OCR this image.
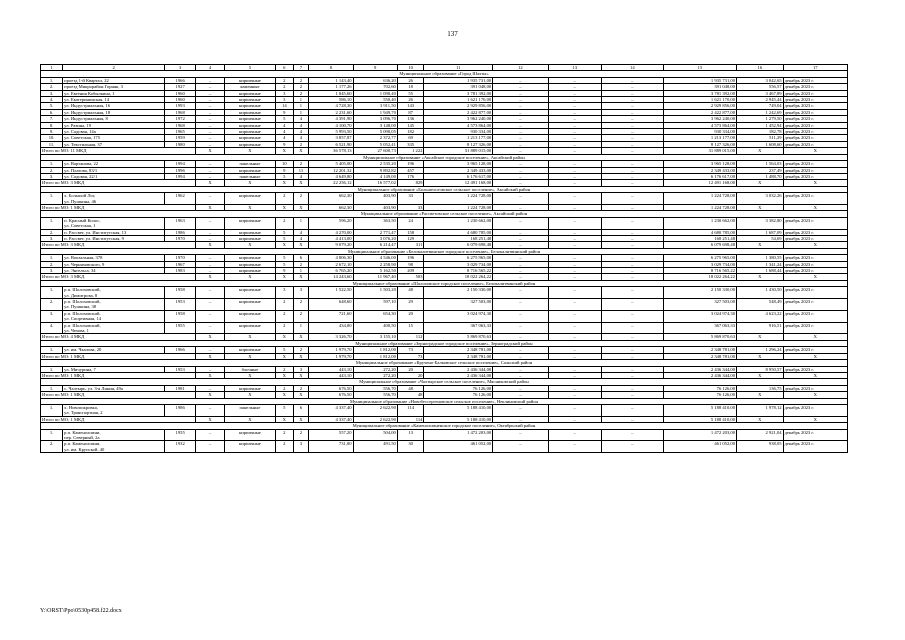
137
1	2	3	4	5	6	7	8	9	10	11	12	13	14	15	16	17
Муниципальное образование «Город Шахты»																
1.	проезд 1-й Квартал, 22	1966	–	кирпичные	2	2	1 143,40	636,20	26	1 935 731,00	–	–	–	1 935 731,00	3 042,65	декабрь 2023 г.
2.	проезд Микрорайон Горняк, 3	1927	–	каменные	2	2	1 177,26	702,60	18	391 048,00	–	–	–	391 048,00	556,57	декабрь 2023 г.
3.	ул. Евгения Кобылкина, 1	1960	–	кирпичные	3	2	1 845,60	1 090,40	55	3 781 392,00	–	–	–	3 781 392,00	3 467,89	декабрь 2023 г.
4.	ул. Екатерининская, 14	1960	–	кирпичные	3	1	586,10	550,40	26	1 621 170,00	–	–	–	1 621 170,00	2 945,44	декабрь 2023 г.
5.	ул. Индустриальная, 16	1993	–	кирпичные	14	1	4 728,30	3 911,50	143	2 929 856,00	–	–	–	2 929 856,00	749,04	декабрь 2023 г.
6.	ул. Индустриальная, 18	1968	–	кирпичные	9	1	2 231,60	1 949,70	87	2 422 877,00	–	–	–	2 422 877,00	1 242,69	декабрь 2023 г.
7.	ул. Индустриальная, 8	1972	–	кирпичные	5	4	4 391,90	3 096,70	136	3 962 240,00	–	–	–	3 962 240,00	1 279,50	декабрь 2023 г.
8.	ул. Разина, 19	1968	–	кирпичные	4	4	4 100,70	3 148,00	145	4 573 864,00	–	–	–	4 573 864,00	1 452,94	декабрь 2023 г.
9.	ул. Садовая, 14а	1965	–	кирпичные	4	4	5 993,50	5 090,05	182	930 334,00	–	–	–	930 334,00	182,78	декабрь 2023 г.
10.	ул. Советская, 175	1959	–	кирпичные	4	4	3 857,87	2 372,77	69	1 213 177,00	–	–	–	1 213 177,00	511,29	декабрь 2023 г.
11.	ул. Текстильная, 37	1980	–	кирпичные	9	2	6 521,90	5 052,41	335	8 127 326,00	–	–	–	8 127 326,00	1 608,60	декабрь 2023 г.
Итого по МО: 11 МКД			X	X	X	X	36 578,13	27 600,73	1 222	31 889 015,00	–	–	–	31 889 015,00	X	X
Муниципальное образование «Аксайское городское поселение», Аксайский район																
1.	ул. Вартанова, 22	1994	–	панельные	10	2	5 405,00	2 535,20	196	3 965 128,00	–	–	–	3 965 128,00	1 564,03	декабрь 2023 г.
2.	ул. Платова, 83/1	1996	–	кирпичные	9	11	12 201,32	9 892,82	457	2 349 433,00	–	–	–	2 349 433,00	237,49	декабрь 2023 г.
3.	ул. Садовая, 22/1	1994	–	панельные	5	4	4 649,80	4 149,00	176	6 176 617,00	–	–	–	6 176 617,00	1 488,70	декабрь 2023 г.
Итого по МО: 3 МКД			X	X	X	X	22 256,12	16 577,02	829	12 491 168,00	–	–	–	12 491 168,00	X	X
Муниципальное образование «Большелоговское сельское поселение», Аксайский район																
1.	х. Большой Лог,
ул. Пушкина, 46	1962	–	кирпичные	2	2	662,30	403,90	33	1 224 728,00	–	–	–	1 224 728,00	3 032,26	декабрь 2023 г.
Итого по МО: 1 МКД			X	X	X	X	662,30	403,90	33	1 224 728,00	–	–	–	1 224 728,00	X	X
Муниципальное образование «Рассветовское сельское поселение», Аксайский район																
1.	п. Красный Колос,
ул. Советская, 1	1963	–	кирпичные	2	1	596,20	363,50	24	1 230 662,00	–	–	–	1 230 662,00	3 382,80	декабрь 2023 г.
2.	п. Рассвет, ул. Институтская, 13	1986	–	кирпичные	5	4	4 270,00	2 771,47	158	4 680 785,00	–	–	–	4 680 785,00	1 687,09	декабрь 2023 г.
3.	п. Рассвет, ул. Институтская, 9	1970	–	кирпичные	5	4	4 413,00	3 076,20	129	168 251,48	–	–	–	168 251,48	54,69	декабрь 2023 г.
Итого по МО: 3 МКД			X	X	X	X	9 079,20	6 214,47	311	6 079 698,48	–	–	–	6 079 698,48	X	X
Муниципальное образование «Белокалитвинское городское поселение», Белокалитвинский район																
1.	ул. Вокзальная, 378	1970	–	кирпичные	5	6	4 806,30	4 546,00	196	6 275 965,00	–	–	–	6 275 965,00	1 380,55	декабрь 2023 г.
2.	ул. Черняховского, 9	1967	–	кирпичные	5	2	2 672,10	2 258,90	98	3 029 734,00	–	–	–	3 029 734,00	1 341,24	декабрь 2023 г.
3.	ул. Энгельса, 34	1983	–	кирпичные	9	1	6 765,20	5 162,50	209	8 716 565,22	–	–	–	8 716 565,22	1 688,44	декабрь 2023 г.
Итого по МО: 3 МКД			X	X	X	X	14 243,60	11 967,40	503	18 022 264,22	–	–	–	18 022 264,22	X	X
Муниципальное образование «Шолоховское городское поселение», Белокалитвинский район																
1.	р.п. Шолоховский,
ул. Димитрова, 8	1958	–	кирпичные	3	3	1 522,50	1 503,20	48	2 150 330,00	–	–	–	2 150 330,00	1 430,50	декабрь 2023 г.
2.	р.п. Шолоховский,
ул. Пушкина, 38	1953	–	кирпичные	2	2	648,60	597,10	29	327 503,00	–	–	–	327 503,00	548,49	декабрь 2023 г.
3.	р.п. Шолоховский,
ул. Спортивная, 14	1958	–	кирпичные	2	2	721,60	654,30	20	3 024 974,30	–	–	–	3 024 974,30	4 623,22	декабрь 2023 г.
4.	р.п. Шолоховский,
ул. Чехова, 1	1955	–	кирпичные	2	1	434,00	400,50	15	367 063,33	–	–	–	367 063,33	916,51	декабрь 2023 г.
Итого по МО: 4 МКД			X	X	X	X	3 326,70	3 155,10	112	5 869 870,63	–	–	–	5 869 870,63	X	X
Муниципальное образование «Зерноградское городское поселение», Зерноградский район																
1.	ул. им. Чкалова, 20	1966	–	кирпичные	5	2	1 979,70	1 812,00	73	2 348 781,00	–	–	–	2 348 781,00	1 296,24	декабрь 2023 г.
Итого по МО: 1 МКД			X	X	X	X	1 979,70	1 812,00	73	2 348 781,00	–	–	–	2 348 781,00	X	X
Муниципальное образование «Кручено-Балковское сельское поселение», Сальский район																
1.	ул. Мичурина, 7	1953	–	блочные	2	3	443,10	272,20	20	2 436 344,00	–	–	–	2 436 344,00	8 950,57	декабрь 2023 г.
Итого по МО: 1 МКД			X	X	X	X	443,10	272,20	20	2 436 344,00	–	–	–	2 436 344,00	X	X
Муниципальное образование «Чалтырское сельское поселение», Мясниковский район																
1.	с. Чалтырь, ул. 3-я Линия, 49а	1981	–	кирпичные	2	2	676,50	556,70	48	76 126,00	–	–	–	76 126,00	136,75	декабрь 2023 г.
Итого по МО: 1 МКД			X	X	X	X	676,50	556,70	48	76 126,00	–	–	–	76 126,00	X	X
Муниципальное образование «Новобессергеновское сельское поселение», Неклиновский район																
1.	х. Новопокровка,
ул. Транспортная, 2	1986	–	панельные	5	6	4 337,40	2 622,90	114	5 188 410,00	–	–	–	5 188 410,00	1 978,12	декабрь 2023 г.
Итого по МО: 1 МКД			X	X	X	X	4 337,40	2 622,90	114	5 188 410,00	–	–	–	5 188 410,00	X	X
Муниципальное образование «Каменоломненское городское поселение», Октябрьский район																
1.	р.п. Каменоломни,
пер. Северный, 2а	1955	–	кирпичные	2	2	557,20	504,00	13	1 472 203,00	–	–	–	1 472 203,00	2 921,04	декабрь 2023 г.
2.	р.п. Каменоломни,
ул. им. Крупской, 40	1932	–	кирпичные	2	3	731,00	491,50	30	461 052,00	–	–	–	461 052,00	938,05	декабрь 2023 г.
Y:\ORST\Ppo\0530p458.f22.docx
